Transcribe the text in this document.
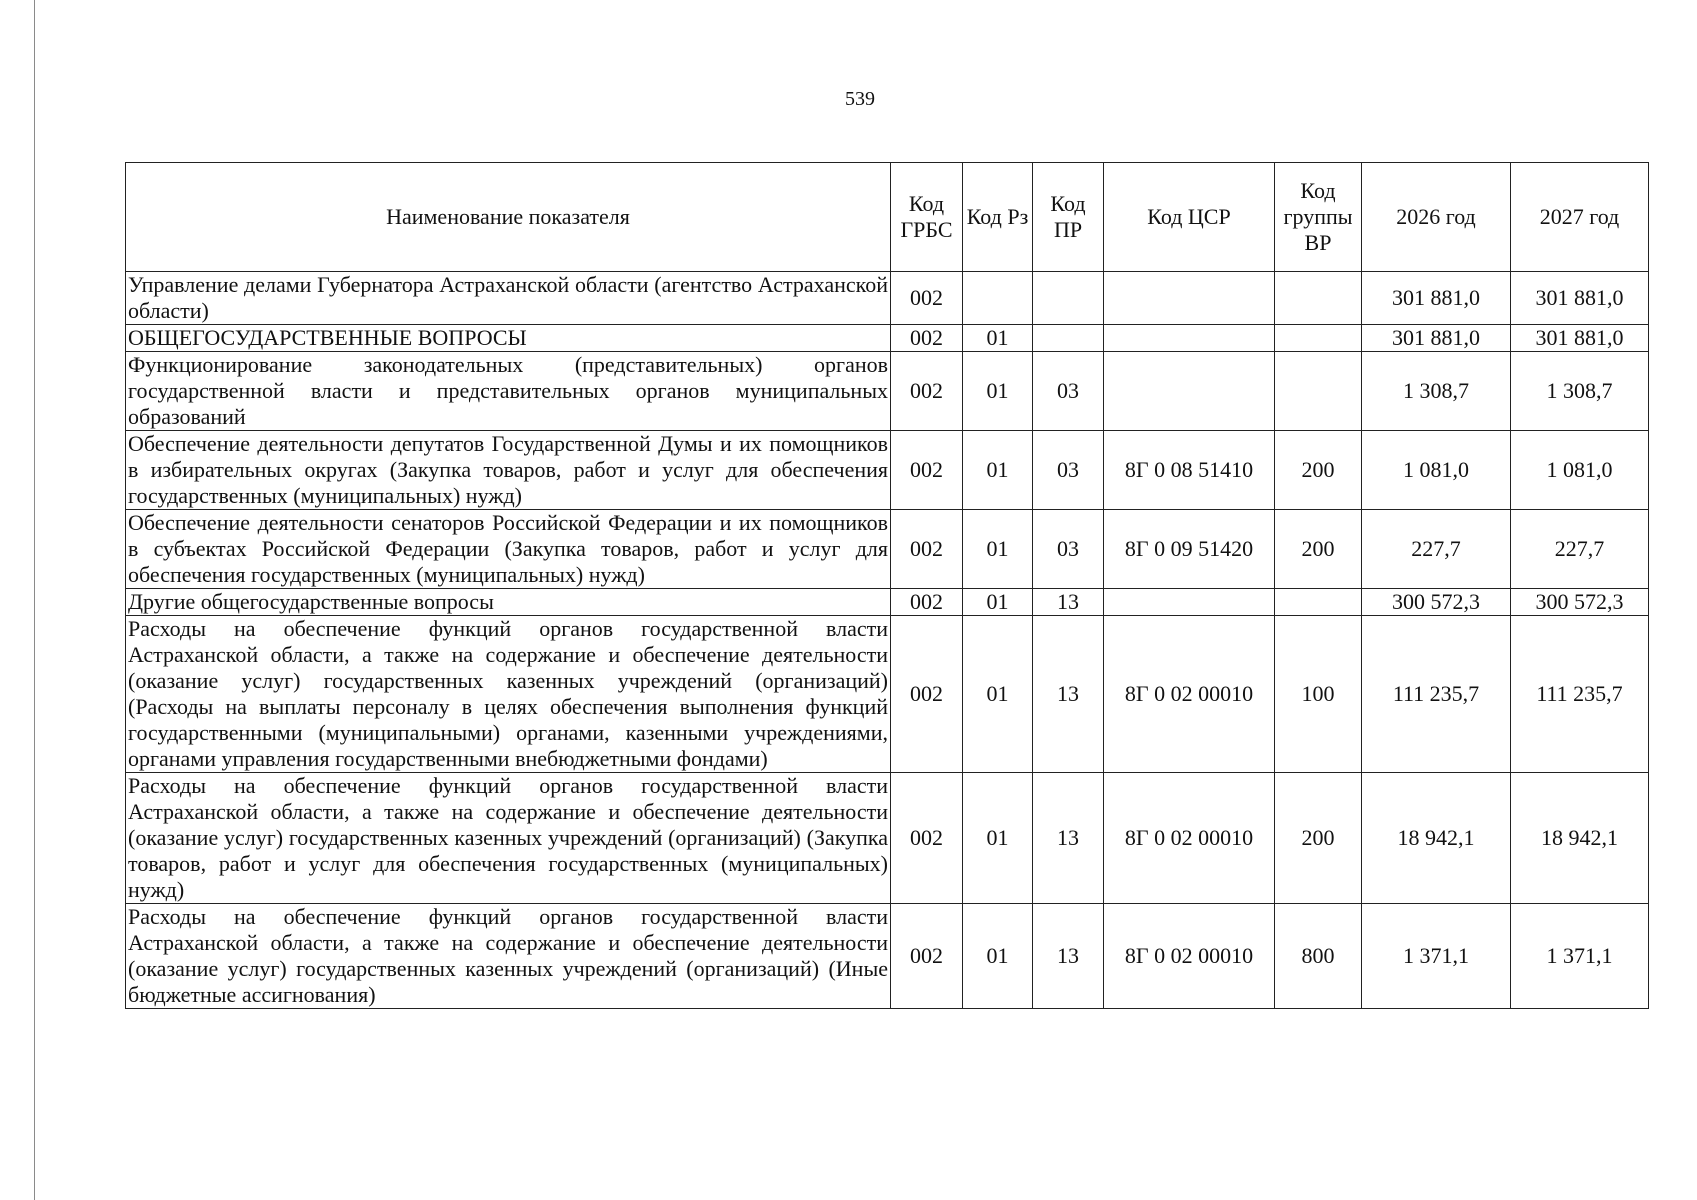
539
Наименование показателя	Код ГРБС	Код Рз	Код ПР	Код ЦСР	Код группы ВР	2026 год	2027 год
Управление делами Губернатора Астраханской области (агентство Астраханской области)	002					301 881,0	301 881,0
ОБЩЕГОСУДАРСТВЕННЫЕ ВОПРОСЫ	002	01				301 881,0	301 881,0
Функционирование законодательных (представительных) органов государственной власти и представительных органов муниципальных образований	002	01	03			1 308,7	1 308,7
Обеспечение деятельности депутатов Государственной Думы и их помощников в избирательных округах (Закупка товаров, работ и услуг для обеспечения государственных (муниципальных) нужд)	002	01	03	8Г 0 08 51410	200	1 081,0	1 081,0
Обеспечение деятельности сенаторов Российской Федерации и их помощников в субъектах Российской Федерации (Закупка товаров, работ и услуг для обеспечения государственных (муниципальных) нужд)	002	01	03	8Г 0 09 51420	200	227,7	227,7
Другие общегосударственные вопросы	002	01	13			300 572,3	300 572,3
Расходы на обеспечение функций органов государственной власти Астраханской области, а также на содержание и обеспечение деятельности (оказание услуг) государственных казенных учреждений (организаций) (Расходы на выплаты персоналу в целях обеспечения выполнения функций государственными (муниципальными) органами, казенными учреждениями, органами управления государственными внебюджетными фондами)	002	01	13	8Г 0 02 00010	100	111 235,7	111 235,7
Расходы на обеспечение функций органов государственной власти Астраханской области, а также на содержание и обеспечение деятельности (оказание услуг) государственных казенных учреждений (организаций) (Закупка товаров, работ и услуг для обеспечения государственных (муниципальных) нужд)	002	01	13	8Г 0 02 00010	200	18 942,1	18 942,1
Расходы на обеспечение функций органов государственной власти Астраханской области, а также на содержание и обеспечение деятельности (оказание услуг) государственных казенных учреждений (организаций) (Иные бюджетные ассигнования)	002	01	13	8Г 0 02 00010	800	1 371,1	1 371,1
